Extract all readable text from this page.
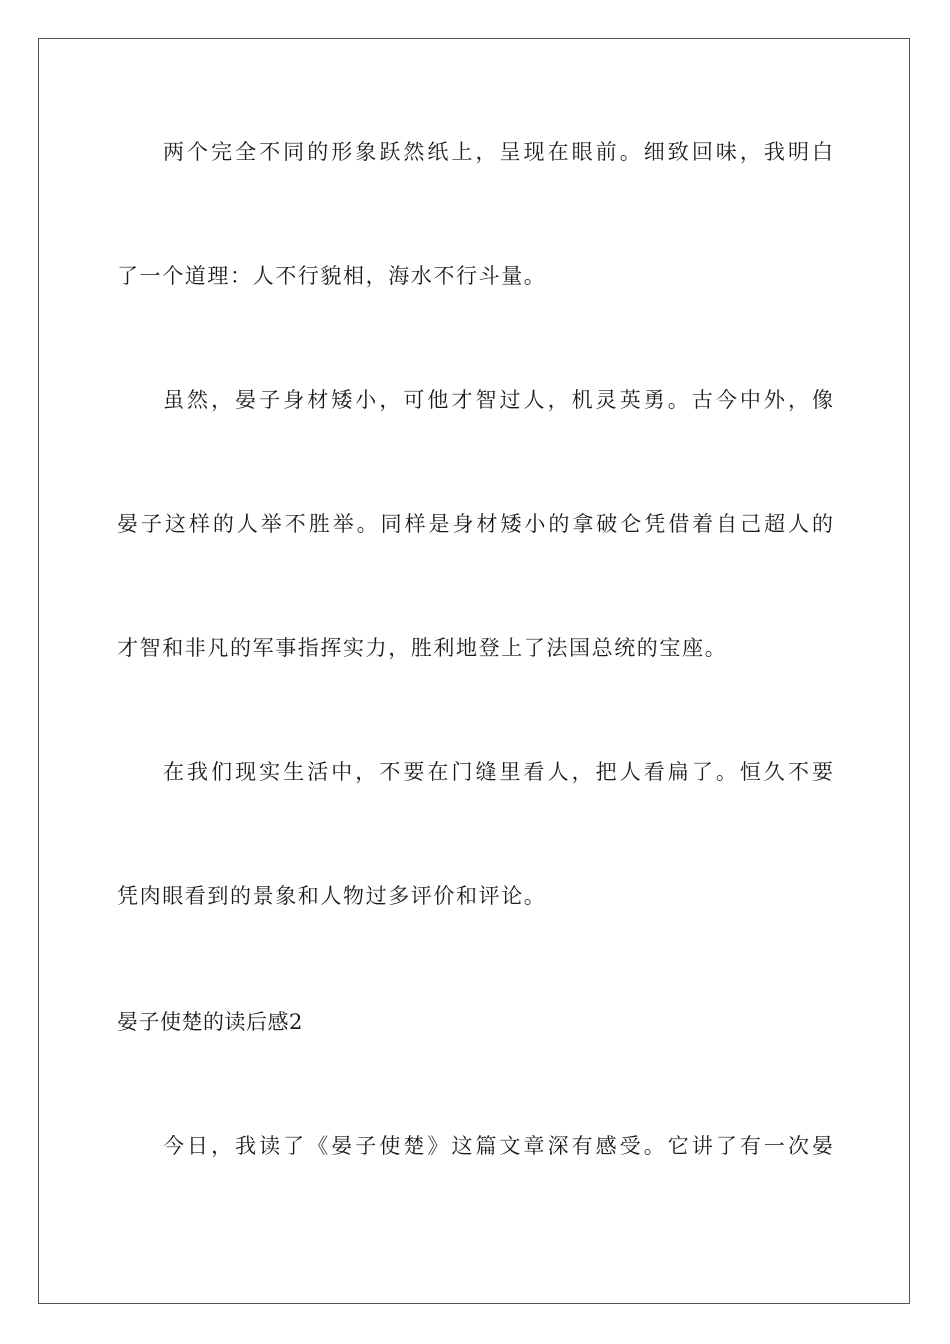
两个完全不同的形象跃然纸上，呈现在眼前。细致回味，我明白
了一个道理：人不行貌相，海水不行斗量。
虽然，晏子身材矮小，可他才智过人，机灵英勇。古今中外，像
晏子这样的人举不胜举。同样是身材矮小的拿破仑凭借着自己超人的
才智和非凡的军事指挥实力，胜利地登上了法国总统的宝座。
在我们现实生活中，不要在门缝里看人，把人看扁了。恒久不要
凭肉眼看到的景象和人物过多评价和评论。
晏子使楚的读后感2
今日，我读了《晏子使楚》这篇文章深有感受。它讲了有一次晏
